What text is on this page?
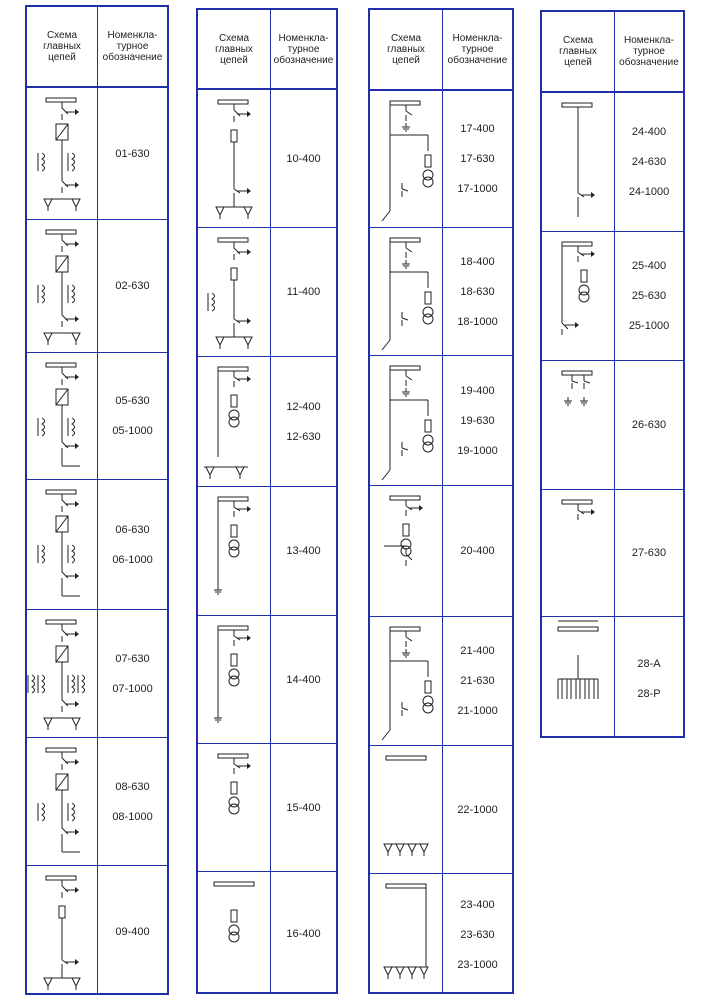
Схема
главных
цепей
Номенкла-
турное
обозначение
01-630
02-630
05-630
05-1000
06-630
06-1000
07-630
07-1000
08-630
08-1000
09-400
Схема
главных
цепей
Номенкла-
турное
обозначение
10-400
11-400
12-400
12-630
13-400
14-400
15-400
16-400
Схема
главных
цепей
Номенкла-
турное
обозначение
17-400
17-630
17-1000
18-400
18-630
18-1000
19-400
19-630
19-1000
20-400
21-400
21-630
21-1000
22-1000
23-400
23-630
23-1000
Схема
главных
цепей
Номенкла-
турное
обозначение
24-400
24-630
24-1000
25-400
25-630
25-1000
26-630
27-630
28-A
28-P
